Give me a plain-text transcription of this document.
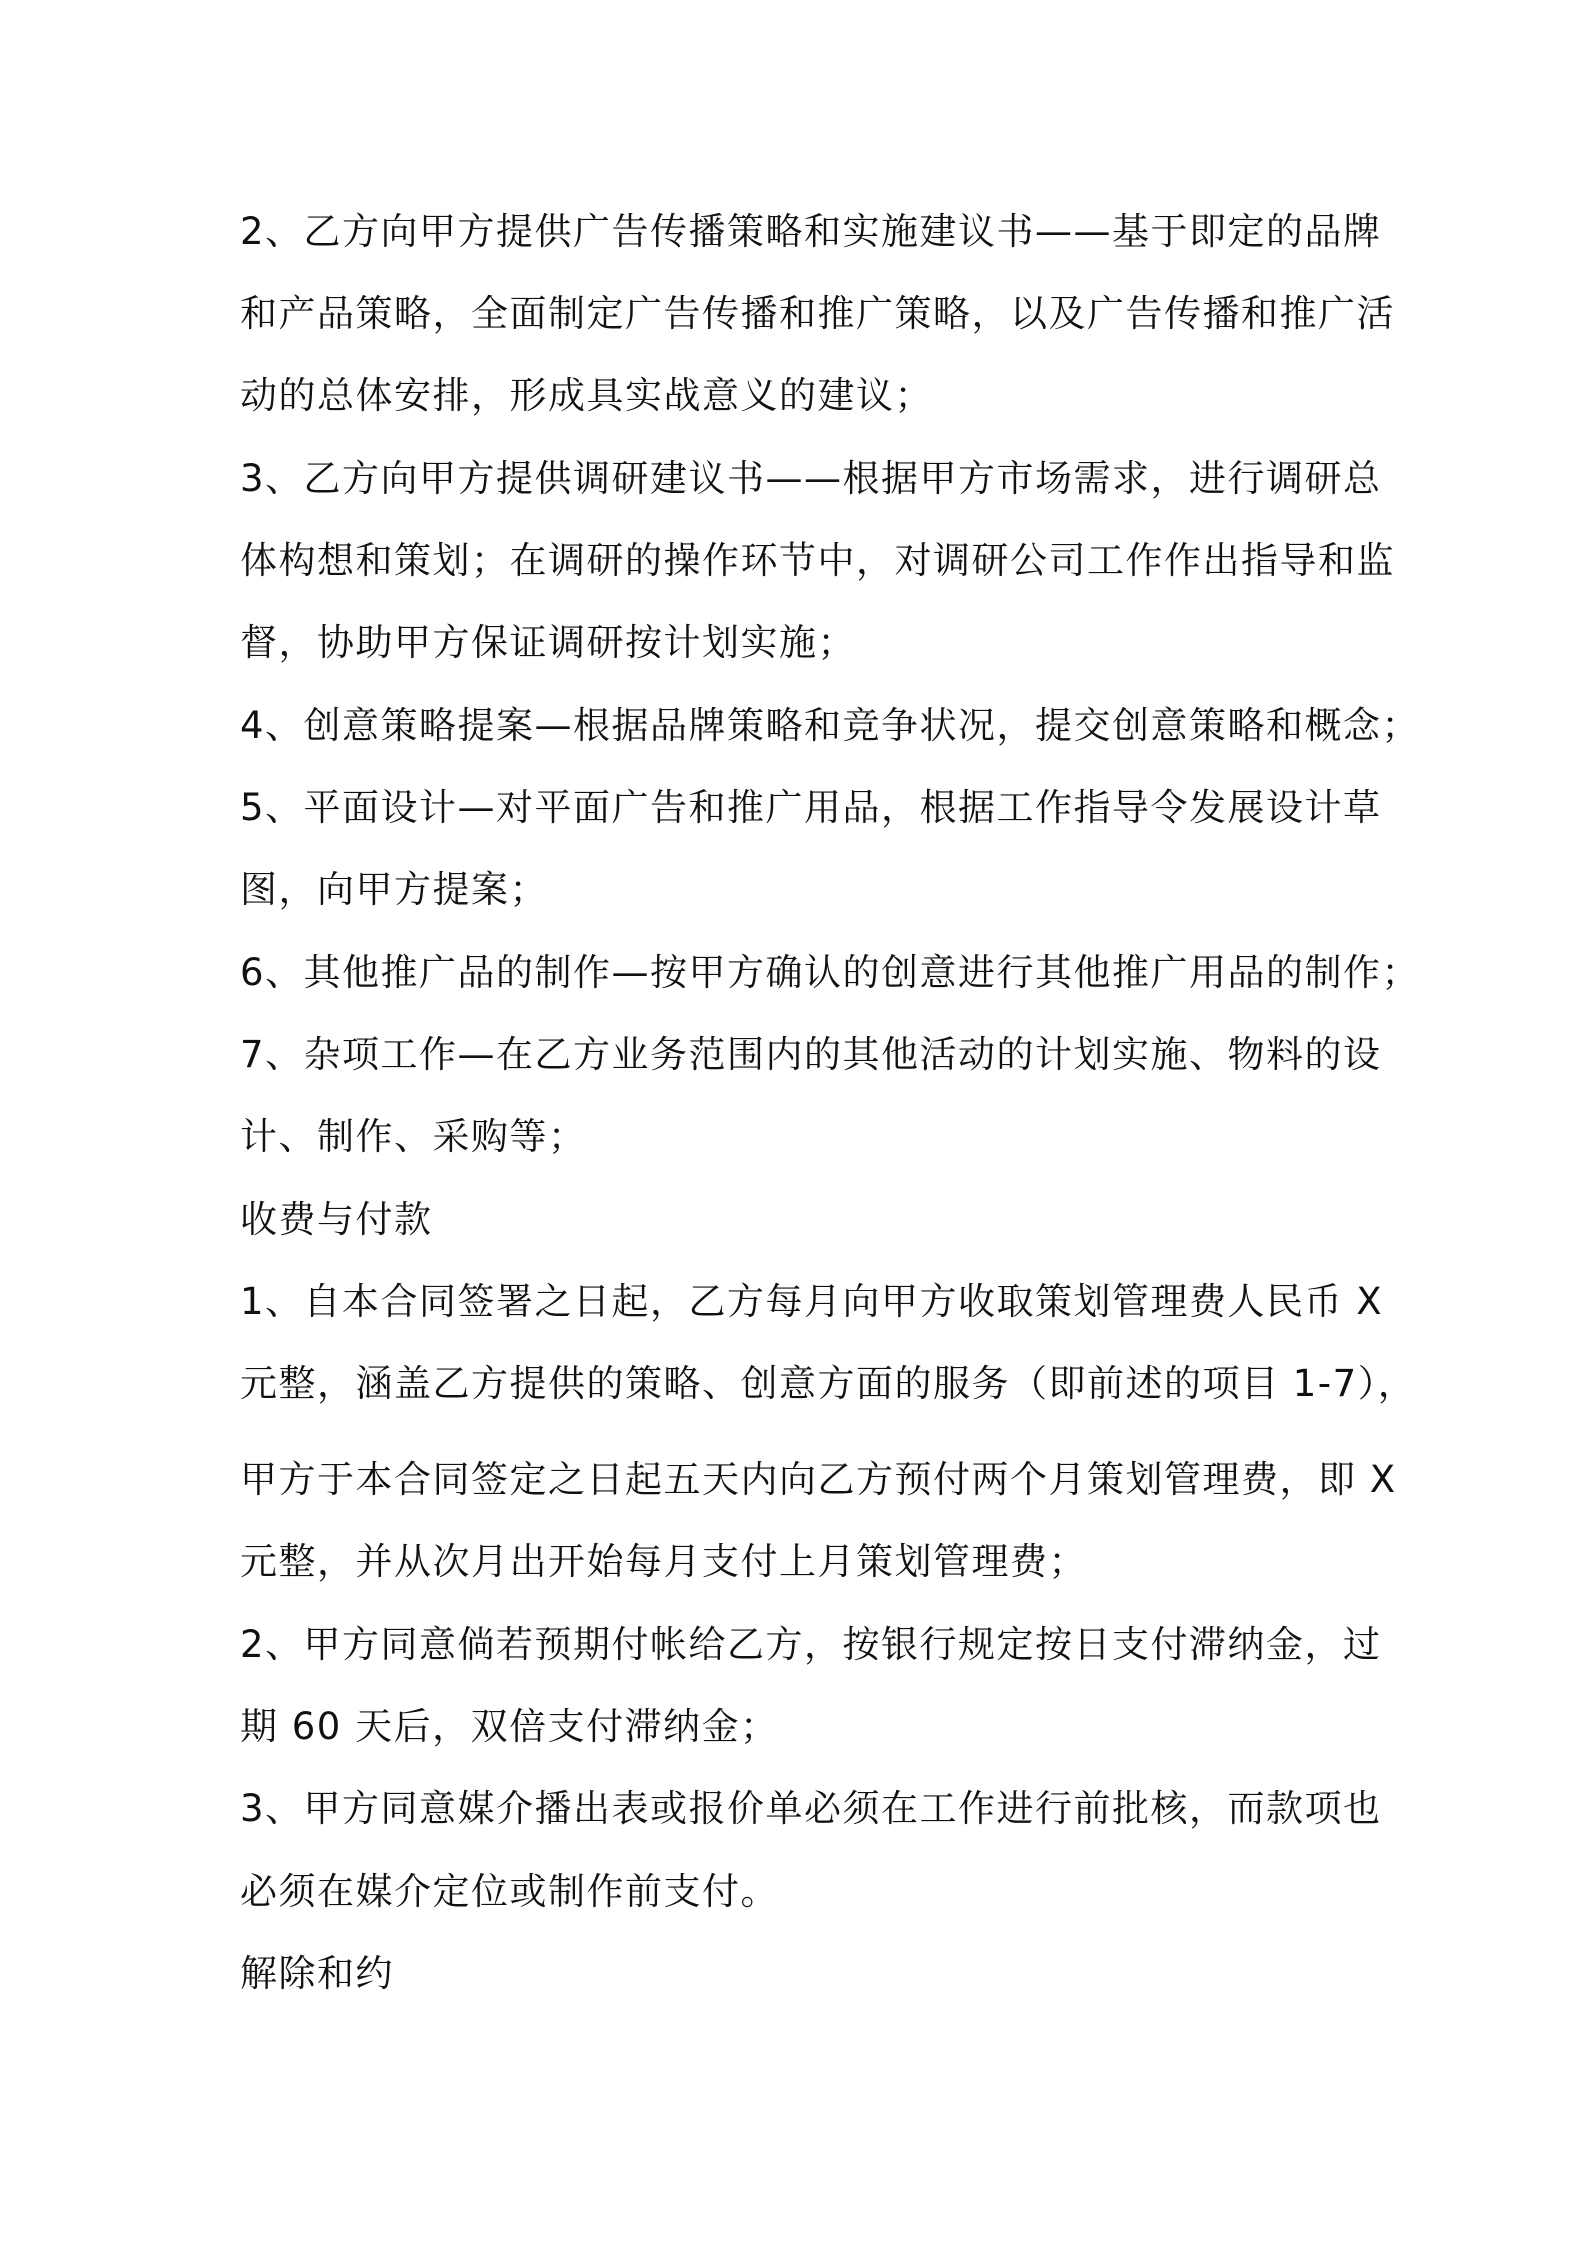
2、乙方向甲方提供广告传播策略和实施建议书——基于即定的品牌

和产品策略，全面制定广告传播和推广策略，以及广告传播和推广活

动的总体安排，形成具实战意义的建议；

3、乙方向甲方提供调研建议书——根据甲方市场需求，进行调研总

体构想和策划；在调研的操作环节中，对调研公司工作作出指导和监

督，协助甲方保证调研按计划实施；

4、创意策略提案—根据品牌策略和竞争状况，提交创意策略和概念；

5、平面设计—对平面广告和推广用品，根据工作指导令发展设计草

图，向甲方提案；

6、其他推广品的制作—按甲方确认的创意进行其他推广用品的制作；

7、杂项工作—在乙方业务范围内的其他活动的计划实施、物料的设

计、制作、采购等；

收费与付款

1、自本合同签署之日起，乙方每月向甲方收取策划管理费人民币 X

元整，涵盖乙方提供的策略、创意方面的服务（即前述的项目 1-7），

甲方于本合同签定之日起五天内向乙方预付两个月策划管理费，即 X

元整，并从次月出开始每月支付上月策划管理费；

2、甲方同意倘若预期付帐给乙方，按银行规定按日支付滞纳金，过

期 60 天后，双倍支付滞纳金；

3、甲方同意媒介播出表或报价单必须在工作进行前批核，而款项也

必须在媒介定位或制作前支付。

解除和约
